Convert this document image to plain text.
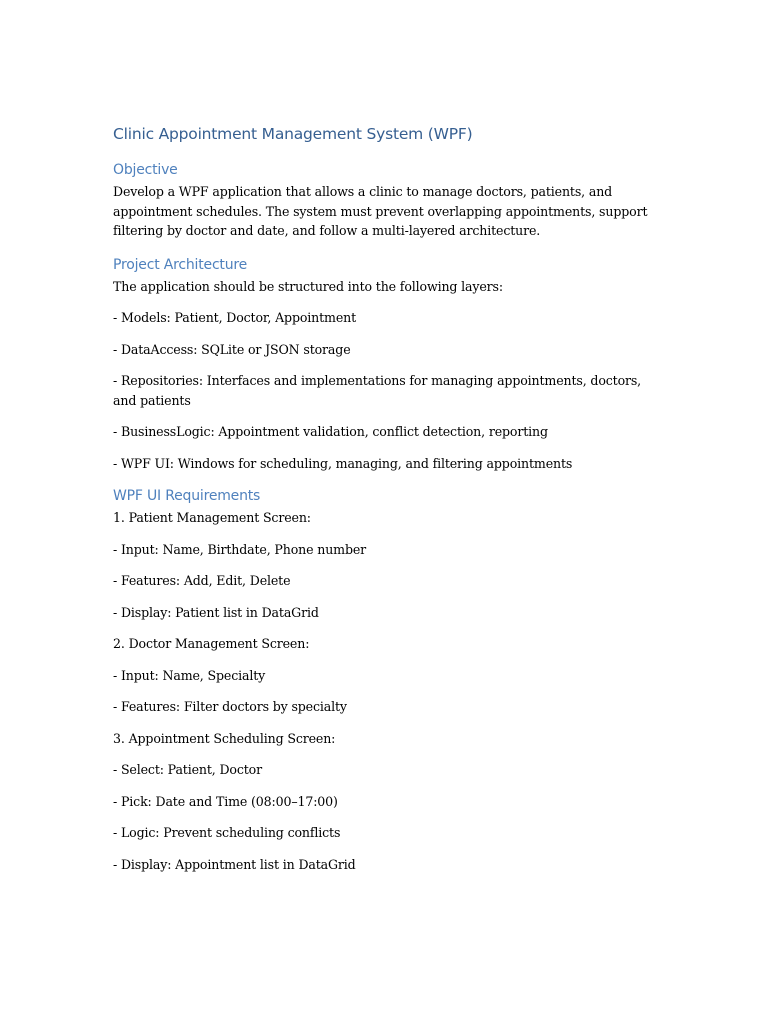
Clinic Appointment Management System (WPF)
Objective

Develop a WPF application that allows a clinic to manage doctors, patients, and appointment schedules. The system must prevent overlapping appointments, support filtering by doctor and date, and follow a multi-layered architecture.

Project Architecture

The application should be structured into the following layers:

- Models: Patient, Doctor, Appointment

- DataAccess: SQLite or JSON storage

- Repositories: Interfaces and implementations for managing appointments, doctors, and patients

- BusinessLogic: Appointment validation, conflict detection, reporting

- WPF UI: Windows for scheduling, managing, and filtering appointments

WPF UI Requirements

1. Patient Management Screen:

- Input: Name, Birthdate, Phone number

- Features: Add, Edit, Delete

- Display: Patient list in DataGrid

2. Doctor Management Screen:

- Input: Name, Specialty

- Features: Filter doctors by specialty

3. Appointment Scheduling Screen:

- Select: Patient, Doctor

- Pick: Date and Time (08:00–17:00)

- Logic: Prevent scheduling conflicts

- Display: Appointment list in DataGrid
